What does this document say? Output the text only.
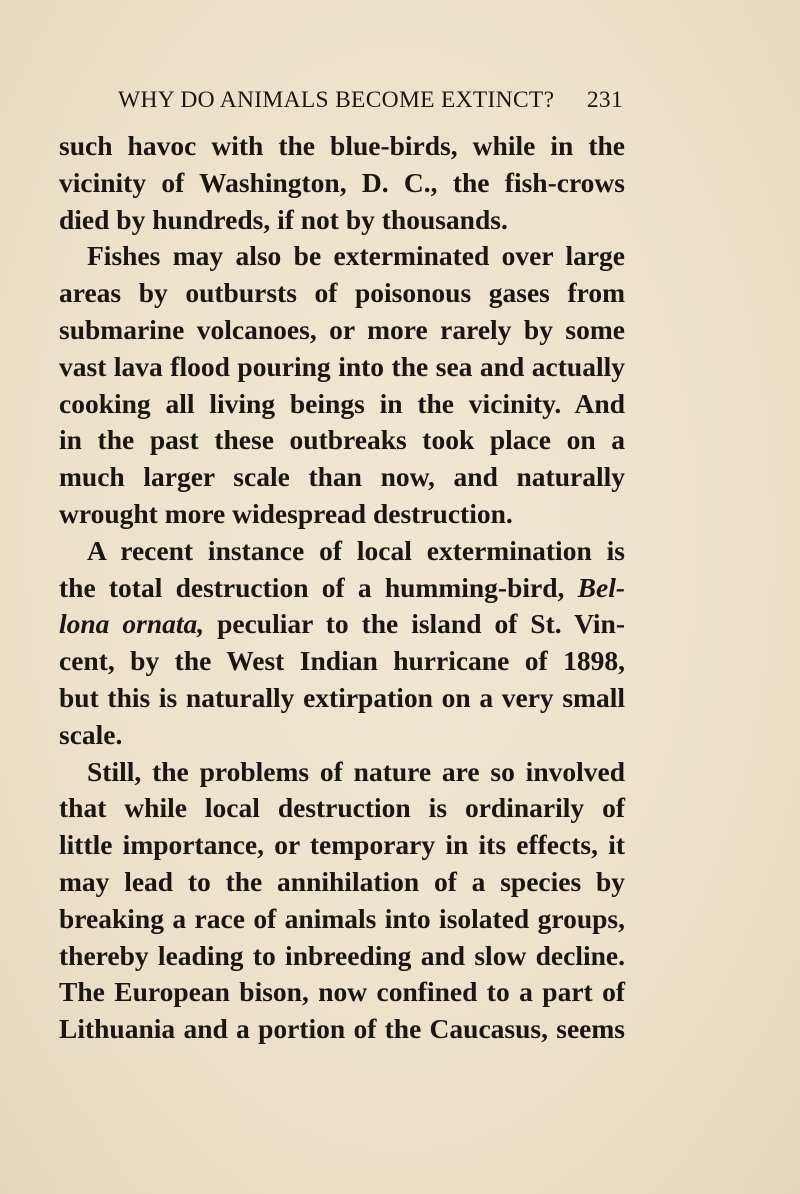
WHY DO ANIMALS BECOME EXTINCT? 231
such havoc with the blue-birds, while in the
vicinity of Washington, D. C., the fish-crows
died by hundreds, if not by thousands.
Fishes may also be exterminated over large
areas by outbursts of poisonous gases from
submarine volcanoes, or more rarely by some
vast lava flood pouring into the sea and actually
cooking all living beings in the vicinity. And
in the past these outbreaks took place on a
much larger scale than now, and naturally
wrought more widespread destruction.
A recent instance of local extermination is
the total destruction of a humming-bird, Bel-
lona ornata, peculiar to the island of St. Vin-
cent, by the West Indian hurricane of 1898,
but this is naturally extirpation on a very small
scale.
Still, the problems of nature are so involved
that while local destruction is ordinarily of
little importance, or temporary in its effects, it
may lead to the annihilation of a species by
breaking a race of animals into isolated groups,
thereby leading to inbreeding and slow decline.
The European bison, now confined to a part of
Lithuania and a portion of the Caucasus, seems
